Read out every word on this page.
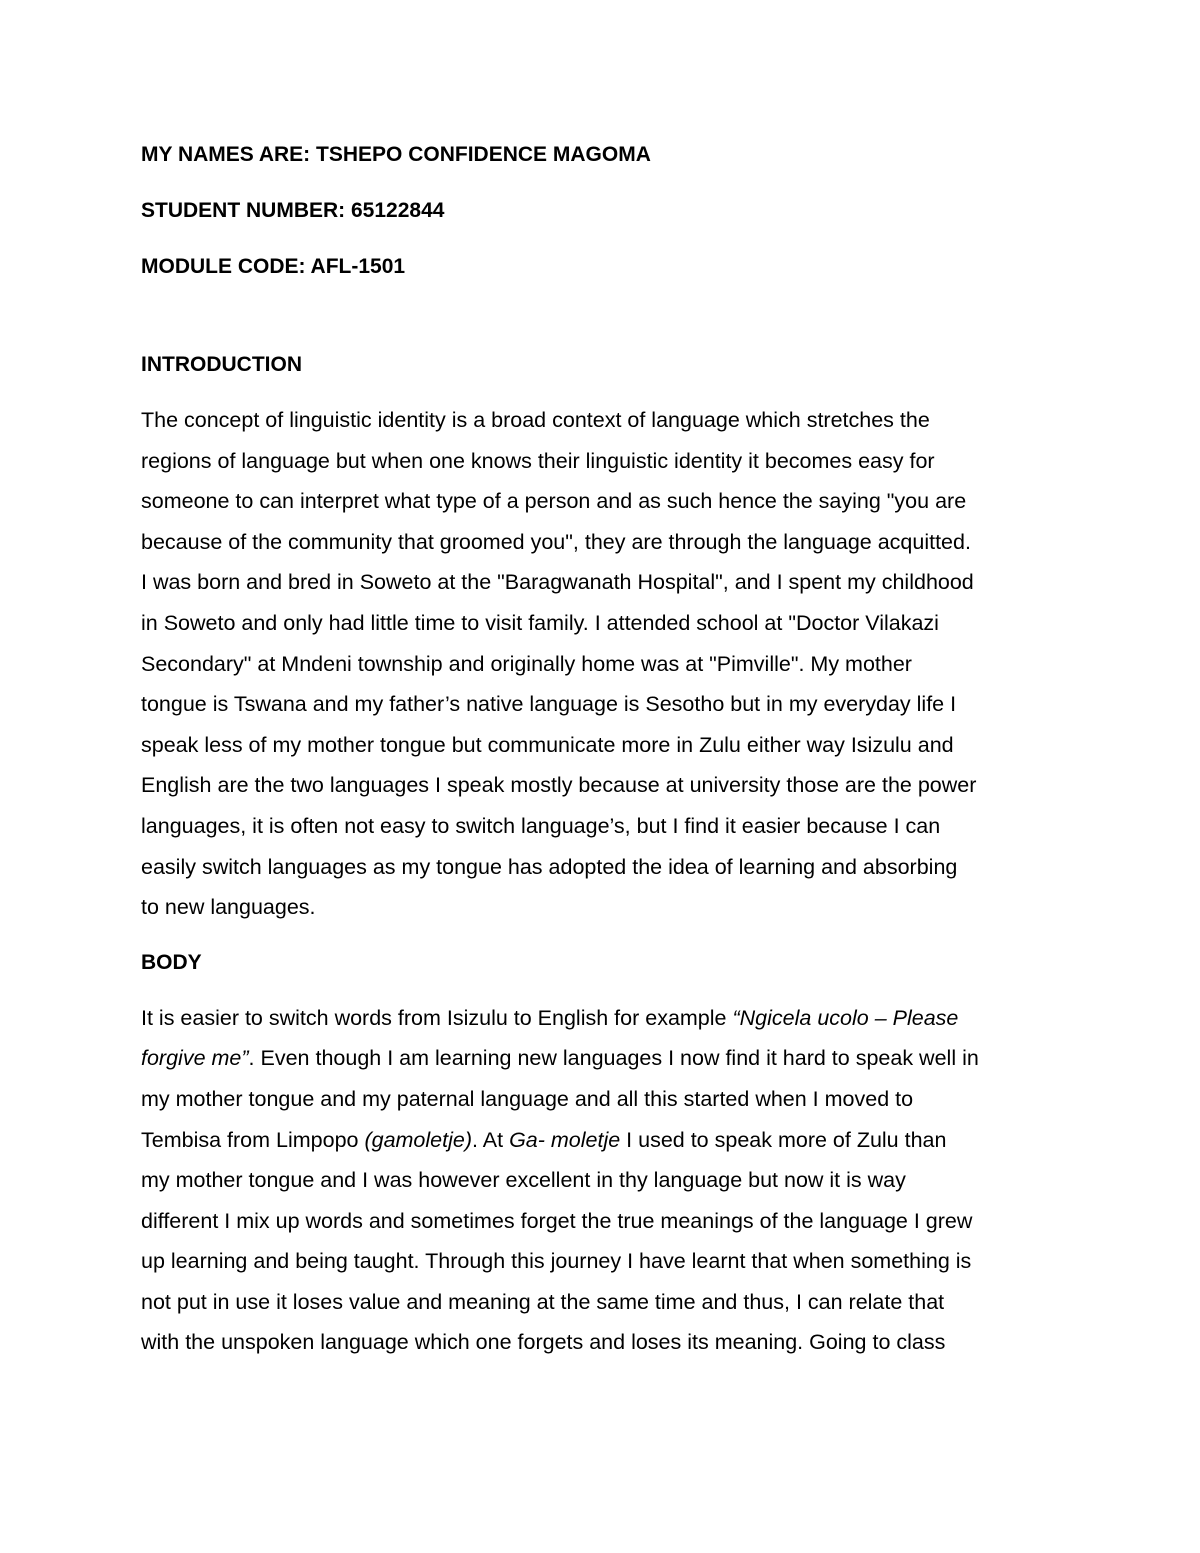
MY NAMES ARE: TSHEPO CONFIDENCE MAGOMA
STUDENT NUMBER: 65122844
MODULE CODE: AFL-1501
INTRODUCTION
The concept of linguistic identity is a broad context of language which stretches the
regions of language but when one knows their linguistic identity it becomes easy for
someone to can interpret what type of a person and as such hence the saying "you are
because of the community that groomed you", they are through the language acquitted.
I was born and bred in Soweto at the "Baragwanath Hospital", and I spent my childhood
in Soweto and only had little time to visit family. I attended school at "Doctor Vilakazi
Secondary" at Mndeni township and originally home was at "Pimville". My mother
tongue is Tswana and my father’s native language is Sesotho but in my everyday life I
speak less of my mother tongue but communicate more in Zulu either way Isizulu and
English are the two languages I speak mostly because at university those are the power
languages, it is often not easy to switch language’s, but I find it easier because I can
easily switch languages as my tongue has adopted the idea of learning and absorbing
to new languages.
BODY
It is easier to switch words from Isizulu to English for example “Ngicela ucolo – Please
forgive me”. Even though I am learning new languages I now find it hard to speak well in
my mother tongue and my paternal language and all this started when I moved to
Tembisa from Limpopo (gamoletje). At Ga- moletje I used to speak more of Zulu than
my mother tongue and I was however excellent in thy language but now it is way
different I mix up words and sometimes forget the true meanings of the language I grew
up learning and being taught. Through this journey I have learnt that when something is
not put in use it loses value and meaning at the same time and thus, I can relate that
with the unspoken language which one forgets and loses its meaning. Going to class
